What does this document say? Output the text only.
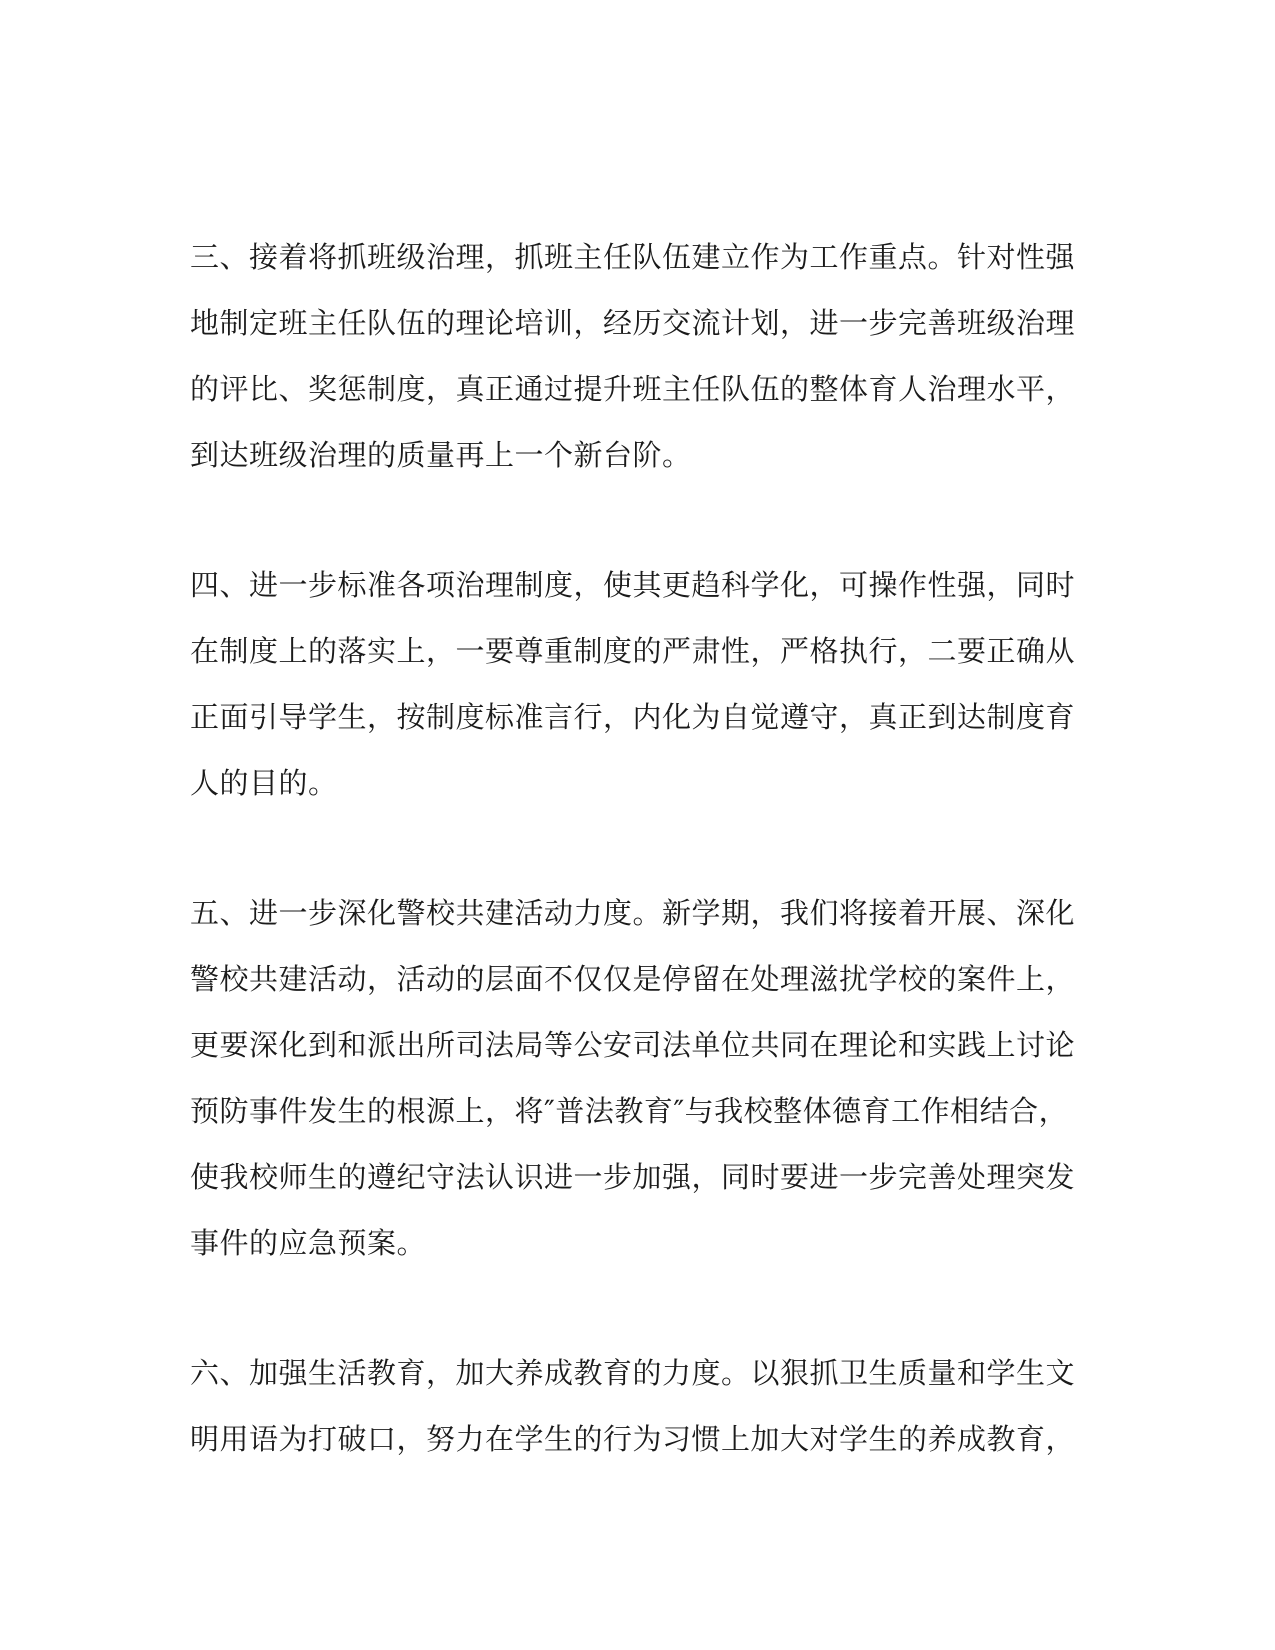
三、接着将抓班级治理，抓班主任队伍建立作为工作重点。针对性强
地制定班主任队伍的理论培训，经历交流计划，进一步完善班级治理
的评比、奖惩制度，真正通过提升班主任队伍的整体育人治理水平，
到达班级治理的质量再上一个新台阶。

四、进一步标准各项治理制度，使其更趋科学化，可操作性强，同时
在制度上的落实上，一要尊重制度的严肃性，严格执行，二要正确从
正面引导学生，按制度标准言行，内化为自觉遵守，真正到达制度育
人的目的。

五、进一步深化警校共建活动力度。新学期，我们将接着开展、深化
警校共建活动，活动的层面不仅仅是停留在处理滋扰学校的案件上，
更要深化到和派出所司法局等公安司法单位共同在理论和实践上讨论
预防事件发生的根源上，将″普法教育″与我校整体德育工作相结合，
使我校师生的遵纪守法认识进一步加强，同时要进一步完善处理突发
事件的应急预案。

六、加强生活教育，加大养成教育的力度。以狠抓卫生质量和学生文
明用语为打破口，努力在学生的行为习惯上加大对学生的养成教育，
